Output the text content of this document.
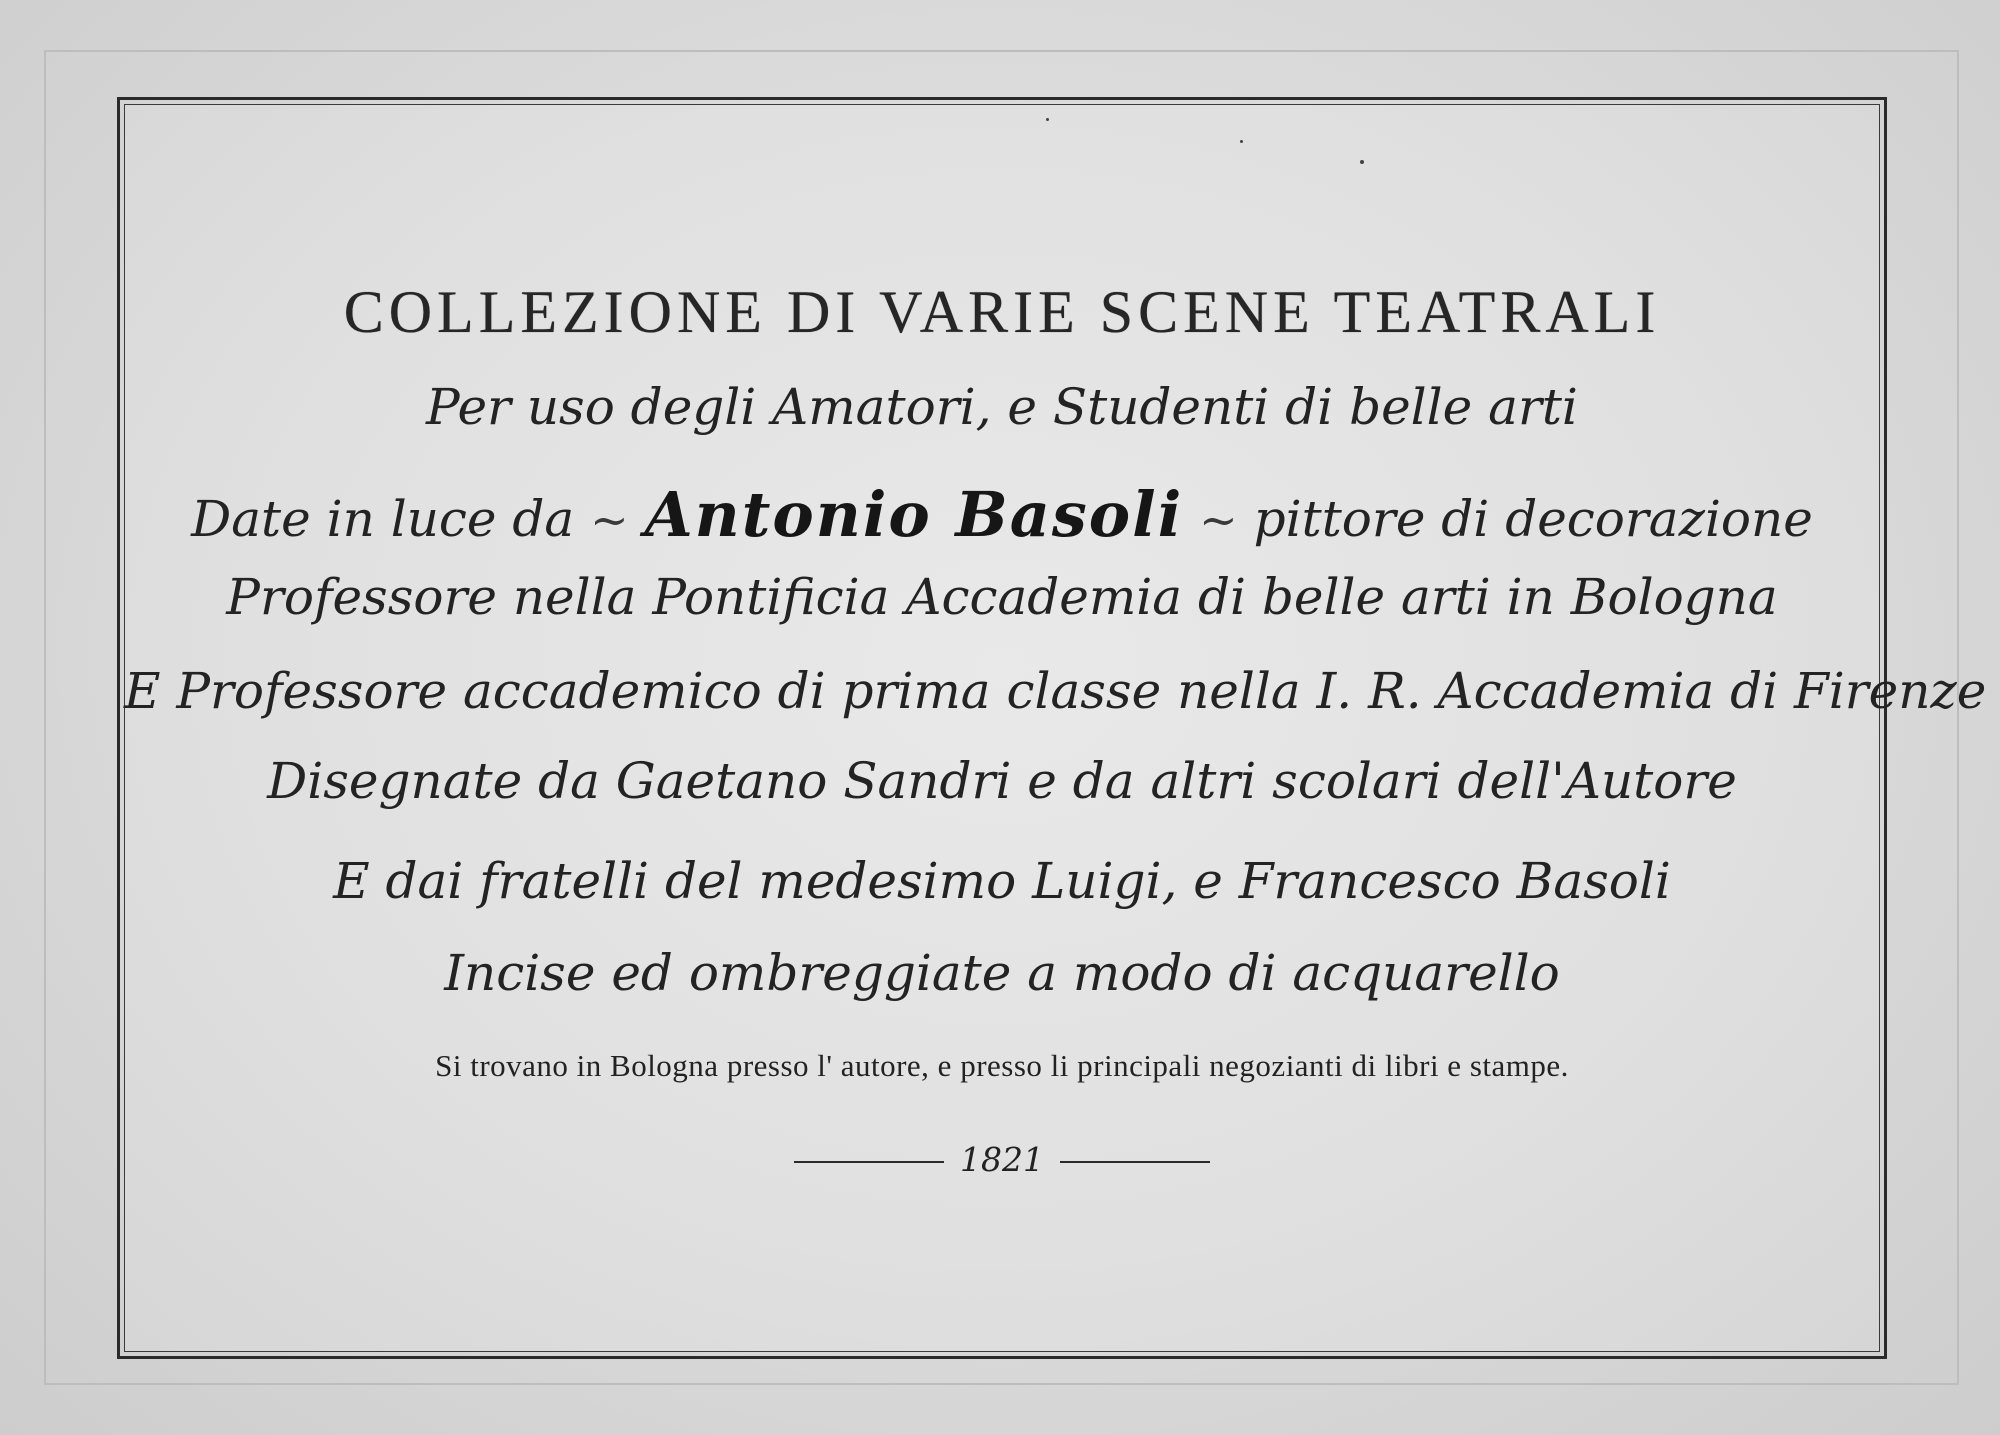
COLLEZIONE DI VARIE SCENE TEATRALI
Per uso degli Amatori, e Studenti di belle arti
Date in luce da ~ Antonio Basoli ~ pittore di decorazione
Professore nella Pontificia Accademia di belle arti in Bologna
E Professore accademico di prima classe nella I. R. Accademia di Firenze
Disegnate da Gaetano Sandri e da altri scolari dell'Autore
E dai fratelli del medesimo Luigi, e Francesco Basoli
Incise ed ombreggiate a modo di acquarello
Si trovano in Bologna presso l' autore, e presso li principali negozianti di libri e stampe.
1821
